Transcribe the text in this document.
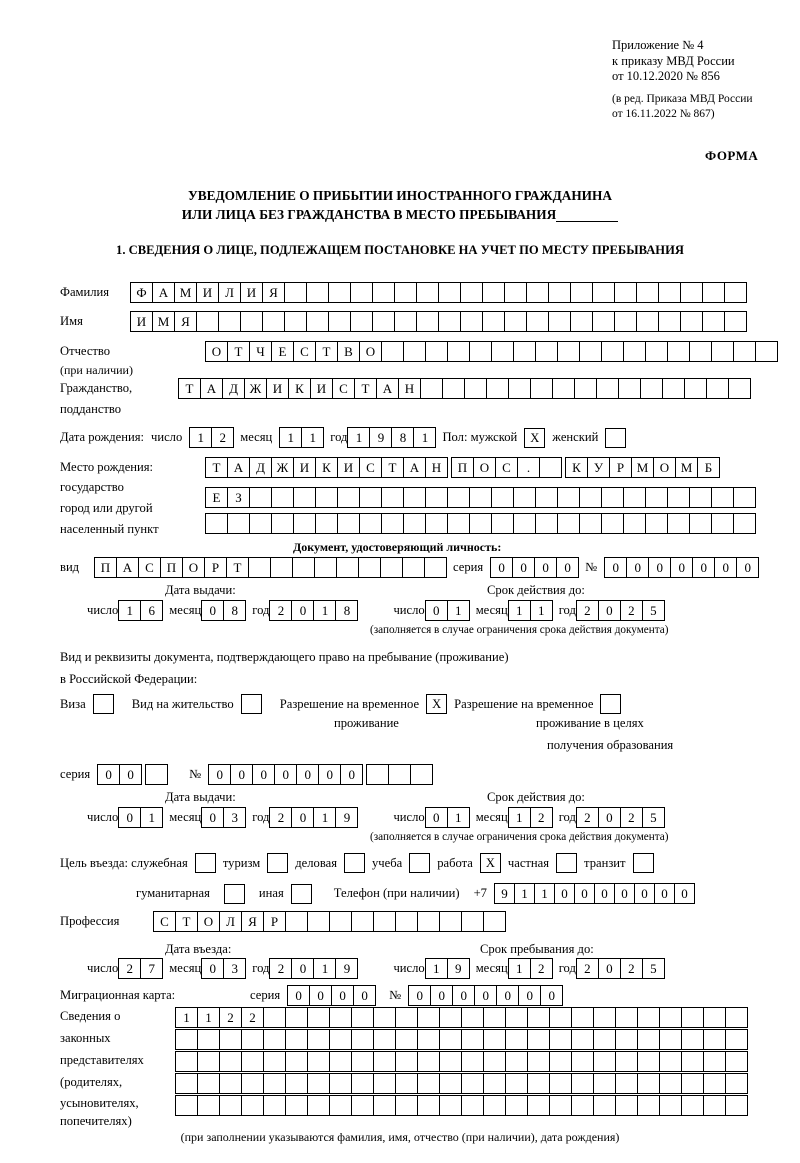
Приложение № 4
к приказу МВД России
от 10.12.2020 № 856
(в ред. Приказа МВД России
от 16.11.2022 № 867)
ФОРМА
УВЕДОМЛЕНИЕ О ПРИБЫТИИ ИНОСТРАННОГО ГРАЖДАНИНА
ИЛИ ЛИЦА БЕЗ ГРАЖДАНСТВА В МЕСТО ПРЕБЫВАНИЯ
1. СВЕДЕНИЯ О ЛИЦЕ, ПОДЛЕЖАЩЕМ ПОСТАНОВКЕ НА УЧЕТ ПО МЕСТУ ПРЕБЫВАНИЯ
Фамилия	Ф А М И Л И Я
Имя	И М Я
Отчество	О	Т	Ч	Е	С	Т	В О
(при наличии)
Гражданство,	Т	А Д Ж И К И С	Т	А Н
подданство
Дата рождения: число	1	2	месяц	1	1	год 1	9	8	1	Пол: мужской	X	женский
Место рождения:	Т	А Д Ж И К И С	Т	А Н	П О С	.	К	У	Р М О М Б
государство
Е	З
город или другой
населенный пункт
Документ, удостоверяющий личность:
вид	П А С П О	Р	Т	серия	0	0	0	0	№	0	0	0	0	0	0	0
Дата выдачи:	Срок действия до:
число 1	6	месяц 0	8	год 2	0	1	8	число 0	1	месяц 1	1	год 2	0	2	5
(заполняется в случае ограничения срока действия документа)
Вид и реквизиты документа, подтверждающего право на пребывание (проживание)
в Российской Федерации:
Виза	Вид на жительство	Разрешение на временное	X	Разрешение на временное
проживание	проживание в целях
получения образования
серия	0	0	№	0	0	0	0	0	0	0
Дата выдачи:	Срок действия до:
число 0	1	месяц 0	3	год 2	0	1	9	число 0	1	месяц 1	2	год 2	0	2	5
(заполняется в случае ограничения срока действия документа)
Цель въезда: служебная	туризм	деловая	учеба	работа	X	частная	транзит
гуманитарная	иная	Телефон (при наличии) +7	9	1	1	0	0	0	0	0	0	0
Профессия	С	Т	О Л	Я	Р
Дата въезда:	Срок пребывания до:
число 2	7	месяц 0	3	год 2	0	1	9	число 1	9	месяц 1	2	год 2	0	2	5
Миграционная карта:	серия	0	0	0	0	№	0	0	0	0	0	0	0
Сведения о
законных
представителях
(родителях,
усыновителях,
попечителях)
1	1	2	2
(при заполнении указываются фамилия, имя, отчество (при наличии), дата рождения)
